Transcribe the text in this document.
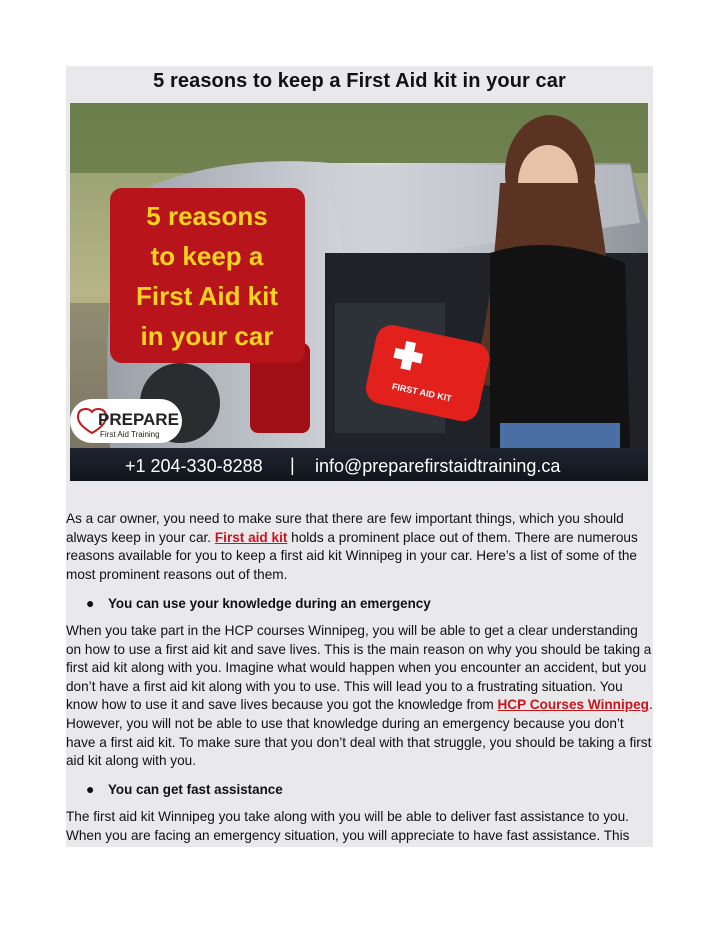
5 reasons to keep a First Aid kit in your car
FIRST AID KIT
5 reasons
to keep a
First Aid kit
in your car
PREPARE
First Aid Training
+1 204-330-8288 | info@preparefirstaidtraining.ca
As a car owner, you need to make sure that there are few important things, which you should always keep in your car. First aid kit holds a prominent place out of them. There are numerous reasons available for you to keep a first aid kit Winnipeg in your car. Here’s a list of some of the most prominent reasons out of them.
●	You can use your knowledge during an emergency
When you take part in the HCP courses Winnipeg, you will be able to get a clear understanding on how to use a first aid kit and save lives. This is the main reason on why you should be taking a first aid kit along with you. Imagine what would happen when you encounter an accident, but you don’t have a first aid kit along with you to use. This will lead you to a frustrating situation. You know how to use it and save lives because you got the knowledge from HCP Courses Winnipeg. However, you will not be able to use that knowledge during an emergency because you don’t have a first aid kit. To make sure that you don’t deal with that struggle, you should be taking a first aid kit along with you.
●	You can get fast assistance
The first aid kit Winnipeg you take along with you will be able to deliver fast assistance to you. When you are facing an emergency situation, you will appreciate to have fast assistance. This
